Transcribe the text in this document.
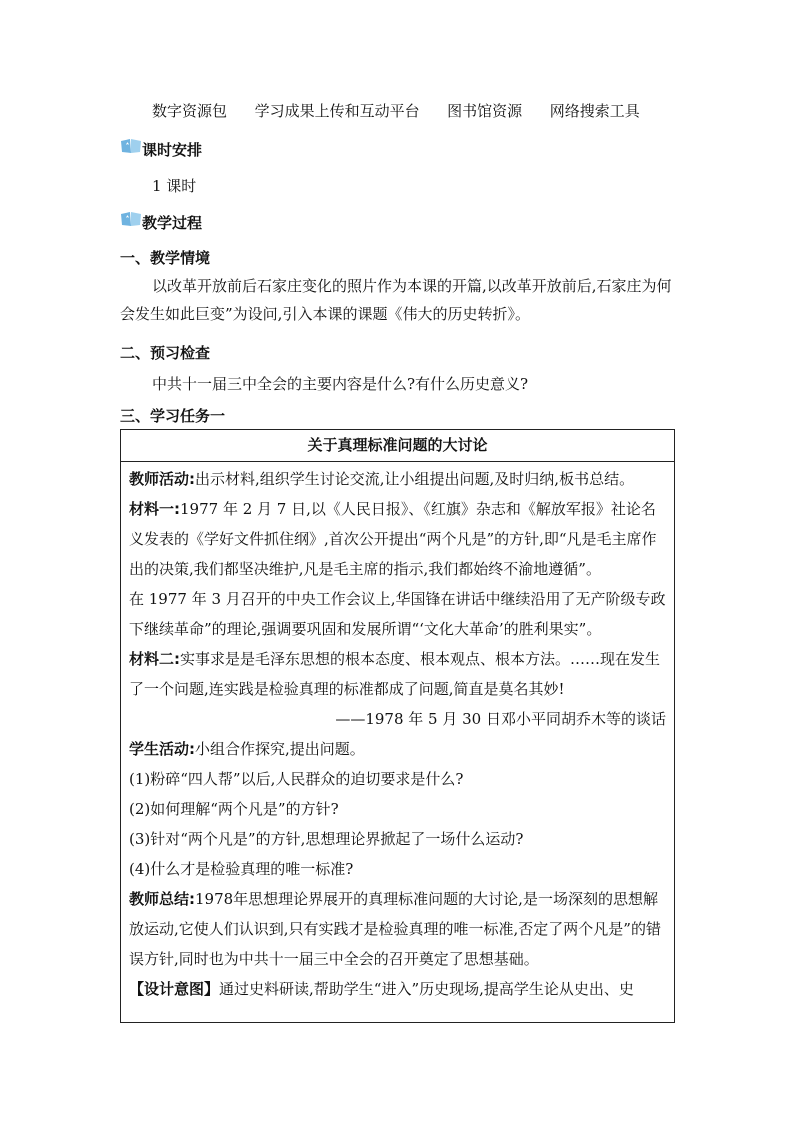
数字资源包 学习成果上传和互动平台 图书馆资源 网络搜索工具
课时安排
1 课时
教学过程
一、教学情境
以改革开放前后石家庄变化的照片作为本课的开篇,以改革开放前后,石家庄为何会发生如此巨变”为设问,引入本课的课题《伟大的历史转折》。
二、预习检查
中共十一届三中全会的主要内容是什么?有什么历史意义?
三、学习任务一
关于真理标准问题的大讨论

教师活动:出示材料,组织学生讨论交流,让小组提出问题,及时归纳,板书总结。

材料一:1977 年 2 月 7 日,以《人民日报》、《红旗》杂志和《解放军报》社论名义发表的《学好文件抓住纲》,首次公开提出“两个凡是”的方针,即“凡是毛主席作出的决策,我们都坚决维护,凡是毛主席的指示,我们都始终不渝地遵循”。

在 1977 年 3 月召开的中央工作会议上,华国锋在讲话中继续沿用了无产阶级专政下继续革命”的理论,强调要巩固和发展所谓“‘文化大革命’的胜利果实”。

材料二:实事求是是毛泽东思想的根本态度、根本观点、根本方法。……现在发生了一个问题,连实践是检验真理的标准都成了问题,简直是莫名其妙!

——1978 年 5 月 30 日邓小平同胡乔木等的谈话

学生活动:小组合作探究,提出问题。

(1)粉碎“四人帮”以后,人民群众的迫切要求是什么?

(2)如何理解“两个凡是”的方针?

(3)针对“两个凡是”的方针,思想理论界掀起了一场什么运动?

(4)什么才是检验真理的唯一标准?

教师总结:1978年思想理论界展开的真理标准问题的大讨论,是一场深刻的思想解放运动,它使人们认识到,只有实践才是检验真理的唯一标准,否定了两个凡是”的错误方针,同时也为中共十一届三中全会的召开奠定了思想基础。

【设计意图】通过史料研读,帮助学生“进入”历史现场,提高学生论从史出、史
